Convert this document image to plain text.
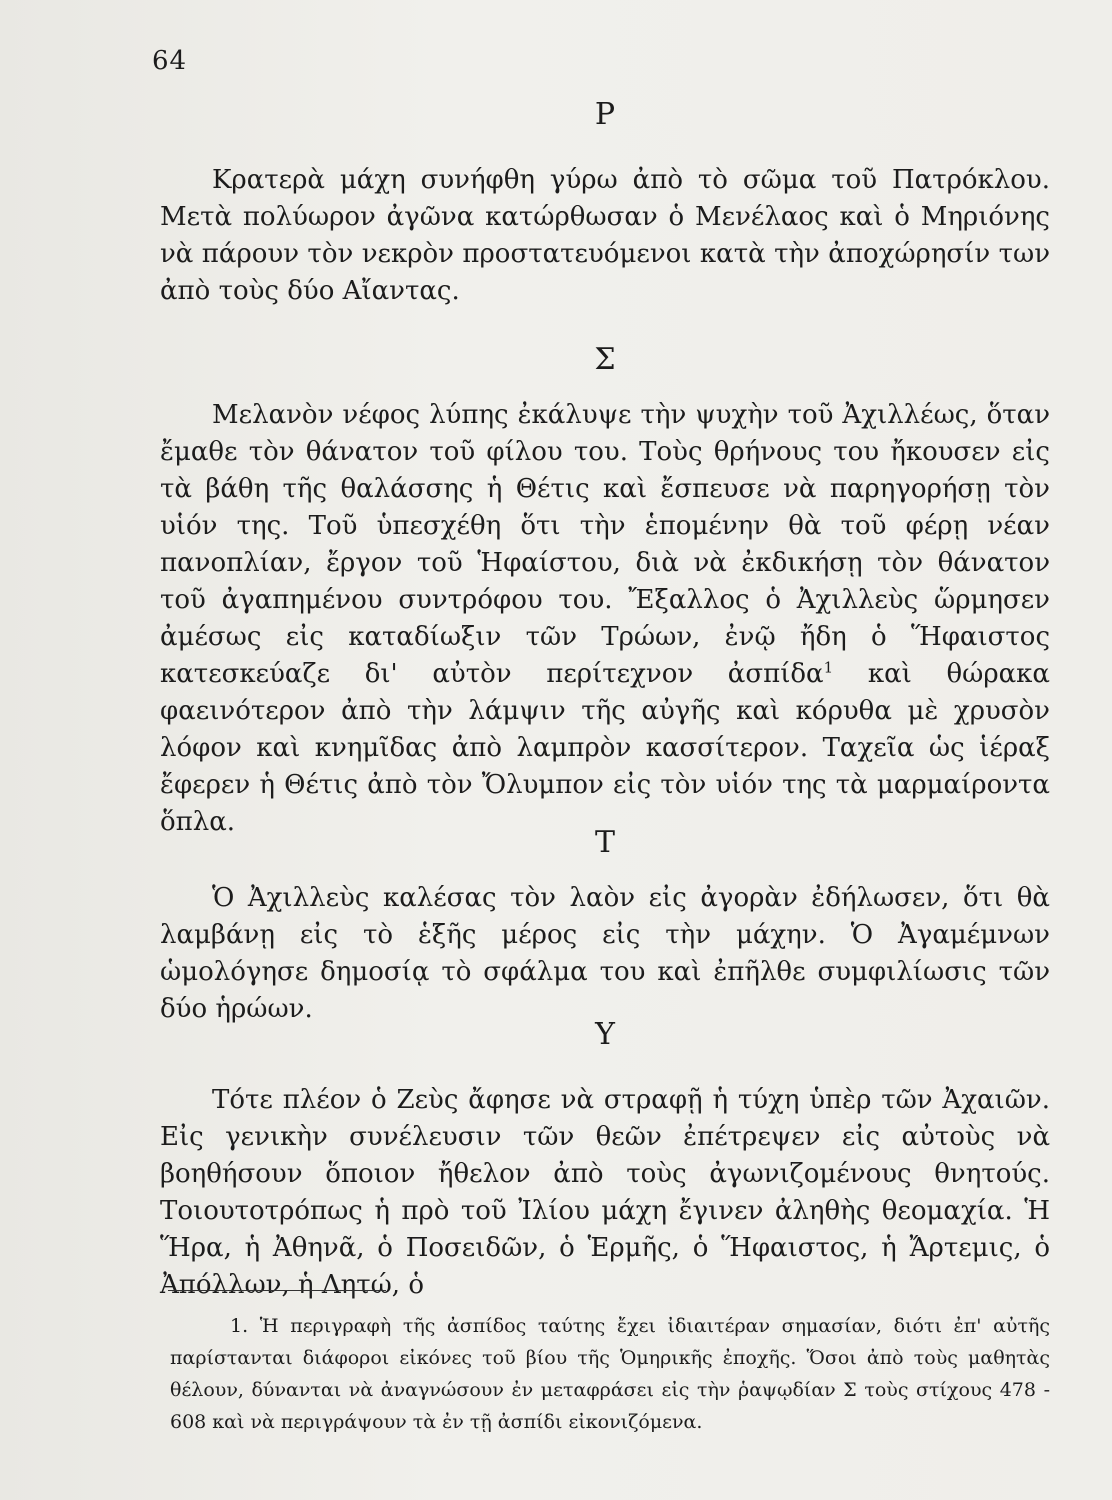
64
Ρ

Κρατερὰ μάχη συνήφθη γύρω ἀπὸ τὸ σῶμα τοῦ Πατρόκλου. Μετὰ πολύωρον ἀγῶνα κατώρθωσαν ὁ Μενέλαος καὶ ὁ Μηριόνης νὰ πάρουν τὸν νεκρὸν προστατευόμενοι κατὰ τὴν ἀποχώρησίν των ἀπὸ τοὺς δύο Αἴαντας.

Σ

Μελανὸν νέφος λύπης ἐκάλυψε τὴν ψυχὴν τοῦ Ἀχιλλέως, ὅταν ἔμαθε τὸν θάνατον τοῦ φίλου του. Τοὺς θρήνους του ἤκουσεν εἰς τὰ βάθη τῆς θαλάσσης ἡ Θέτις καὶ ἔσπευσε νὰ παρηγορήσῃ τὸν υἱόν της. Τοῦ ὑπεσχέθη ὅτι τὴν ἑπομένην θὰ τοῦ φέρῃ νέαν πανοπλίαν, ἔργον τοῦ Ἡφαίστου, διὰ νὰ ἐκδικήσῃ τὸν θάνατον τοῦ ἀγαπημένου συντρόφου του. Ἔξαλλος ὁ Ἀχιλλεὺς ὥρμησεν ἀμέσως εἰς καταδίωξιν τῶν Τρώων, ἐνῷ ἤδη ὁ Ἥφαιστος κατεσκεύαζε δι' αὐτὸν περίτεχνον ἀσπίδα$^1$ καὶ θώρακα φαεινότερον ἀπὸ τὴν λάμψιν τῆς αὐγῆς καὶ κόρυθα μὲ χρυσὸν λόφον καὶ κνημῖδας ἀπὸ λαμπρὸν κασσίτερον. Ταχεῖα ὡς ἱέραξ ἔφερεν ἡ Θέτις ἀπὸ τὸν Ὄλυμπον εἰς τὸν υἱόν της τὰ μαρμαίροντα ὅπλα.

Τ

Ὁ Ἀχιλλεὺς καλέσας τὸν λαὸν εἰς ἀγορὰν ἐδήλωσεν, ὅτι θὰ λαμβάνῃ εἰς τὸ ἑξῆς μέρος εἰς τὴν μάχην. Ὁ Ἀγαμέμνων ὡμολόγησε δημοσίᾳ τὸ σφάλμα του καὶ ἐπῆλθε συμφιλίωσις τῶν δύο ἡρώων.

Υ

Τότε πλέον ὁ Ζεὺς ἄφησε νὰ στραφῇ ἡ τύχη ὑπὲρ τῶν Ἀχαιῶν. Εἰς γενικὴν συνέλευσιν τῶν θεῶν ἐπέτρεψεν εἰς αὐτοὺς νὰ βοηθήσουν ὅποιον ἤθελον ἀπὸ τοὺς ἀγωνιζομένους θνητούς. Τοιουτοτρόπως ἡ πρὸ τοῦ Ἰλίου μάχη ἔγινεν ἀληθὴς θεομαχία. Ἡ Ἥρα, ἡ Ἀθηνᾶ, ὁ Ποσειδῶν, ὁ Ἑρμῆς, ὁ Ἥφαιστος, ἡ Ἄρτεμις, ὁ Ἀπόλλων, ἡ Λητώ, ὁ

1. Ἡ περιγραφὴ τῆς ἀσπίδος ταύτης ἔχει ἰδιαιτέραν σημασίαν, διότι ἐπ' αὐτῆς παρίστανται διάφοροι εἰκόνες τοῦ βίου τῆς Ὁμηρικῆς ἐποχῆς. Ὅσοι ἀπὸ τοὺς μαθητὰς θέλουν, δύνανται νὰ ἀναγνώσουν ἐν μεταφράσει εἰς τὴν ῥαψῳδίαν Σ τοὺς στίχους 478 - 608 καὶ νὰ περιγράψουν τὰ ἐν τῇ ἀσπίδι εἰκονιζόμενα.
